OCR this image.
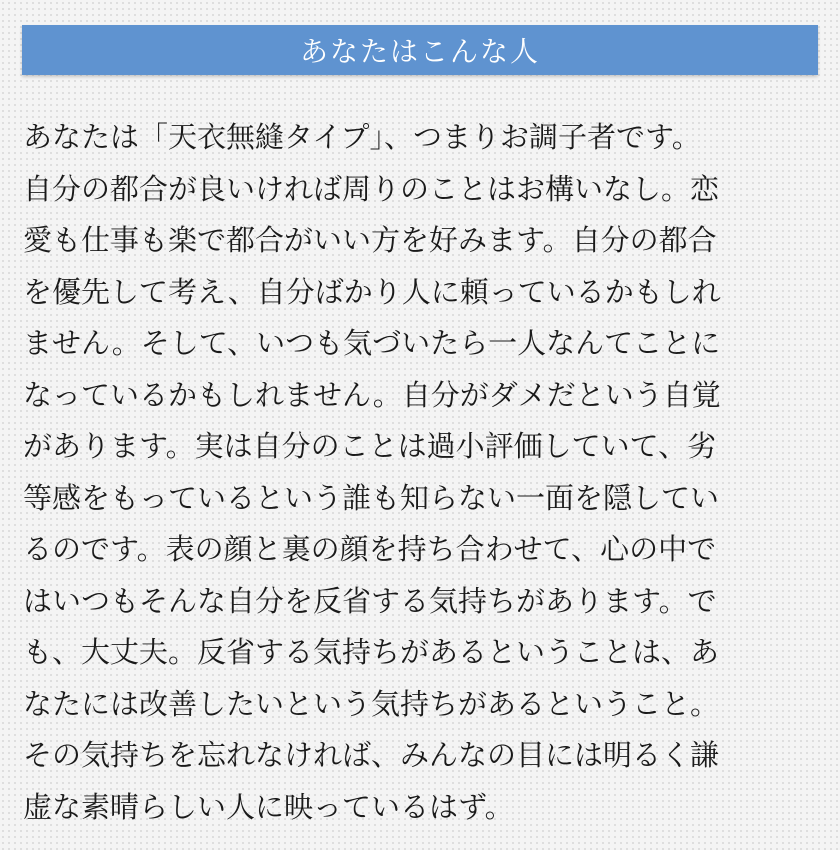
あなたはこんな人
あなたは「天衣無縫タイプ」、つまりお調子者です。
自分の都合が良いければ周りのことはお構いなし。恋
愛も仕事も楽で都合がいい方を好みます。自分の都合
を優先して考え、自分ばかり人に頼っているかもしれ
ません。そして、いつも気づいたら一人なんてことに
なっているかもしれません。自分がダメだという自覚
があります。実は自分のことは過小評価していて、劣
等感をもっているという誰も知らない一面を隠してい
るのです。表の顔と裏の顔を持ち合わせて、心の中で
はいつもそんな自分を反省する気持ちがあります。で
も、大丈夫。反省する気持ちがあるということは、あ
なたには改善したいという気持ちがあるということ。
その気持ちを忘れなければ、みんなの目には明るく謙
虚な素晴らしい人に映っているはず。
